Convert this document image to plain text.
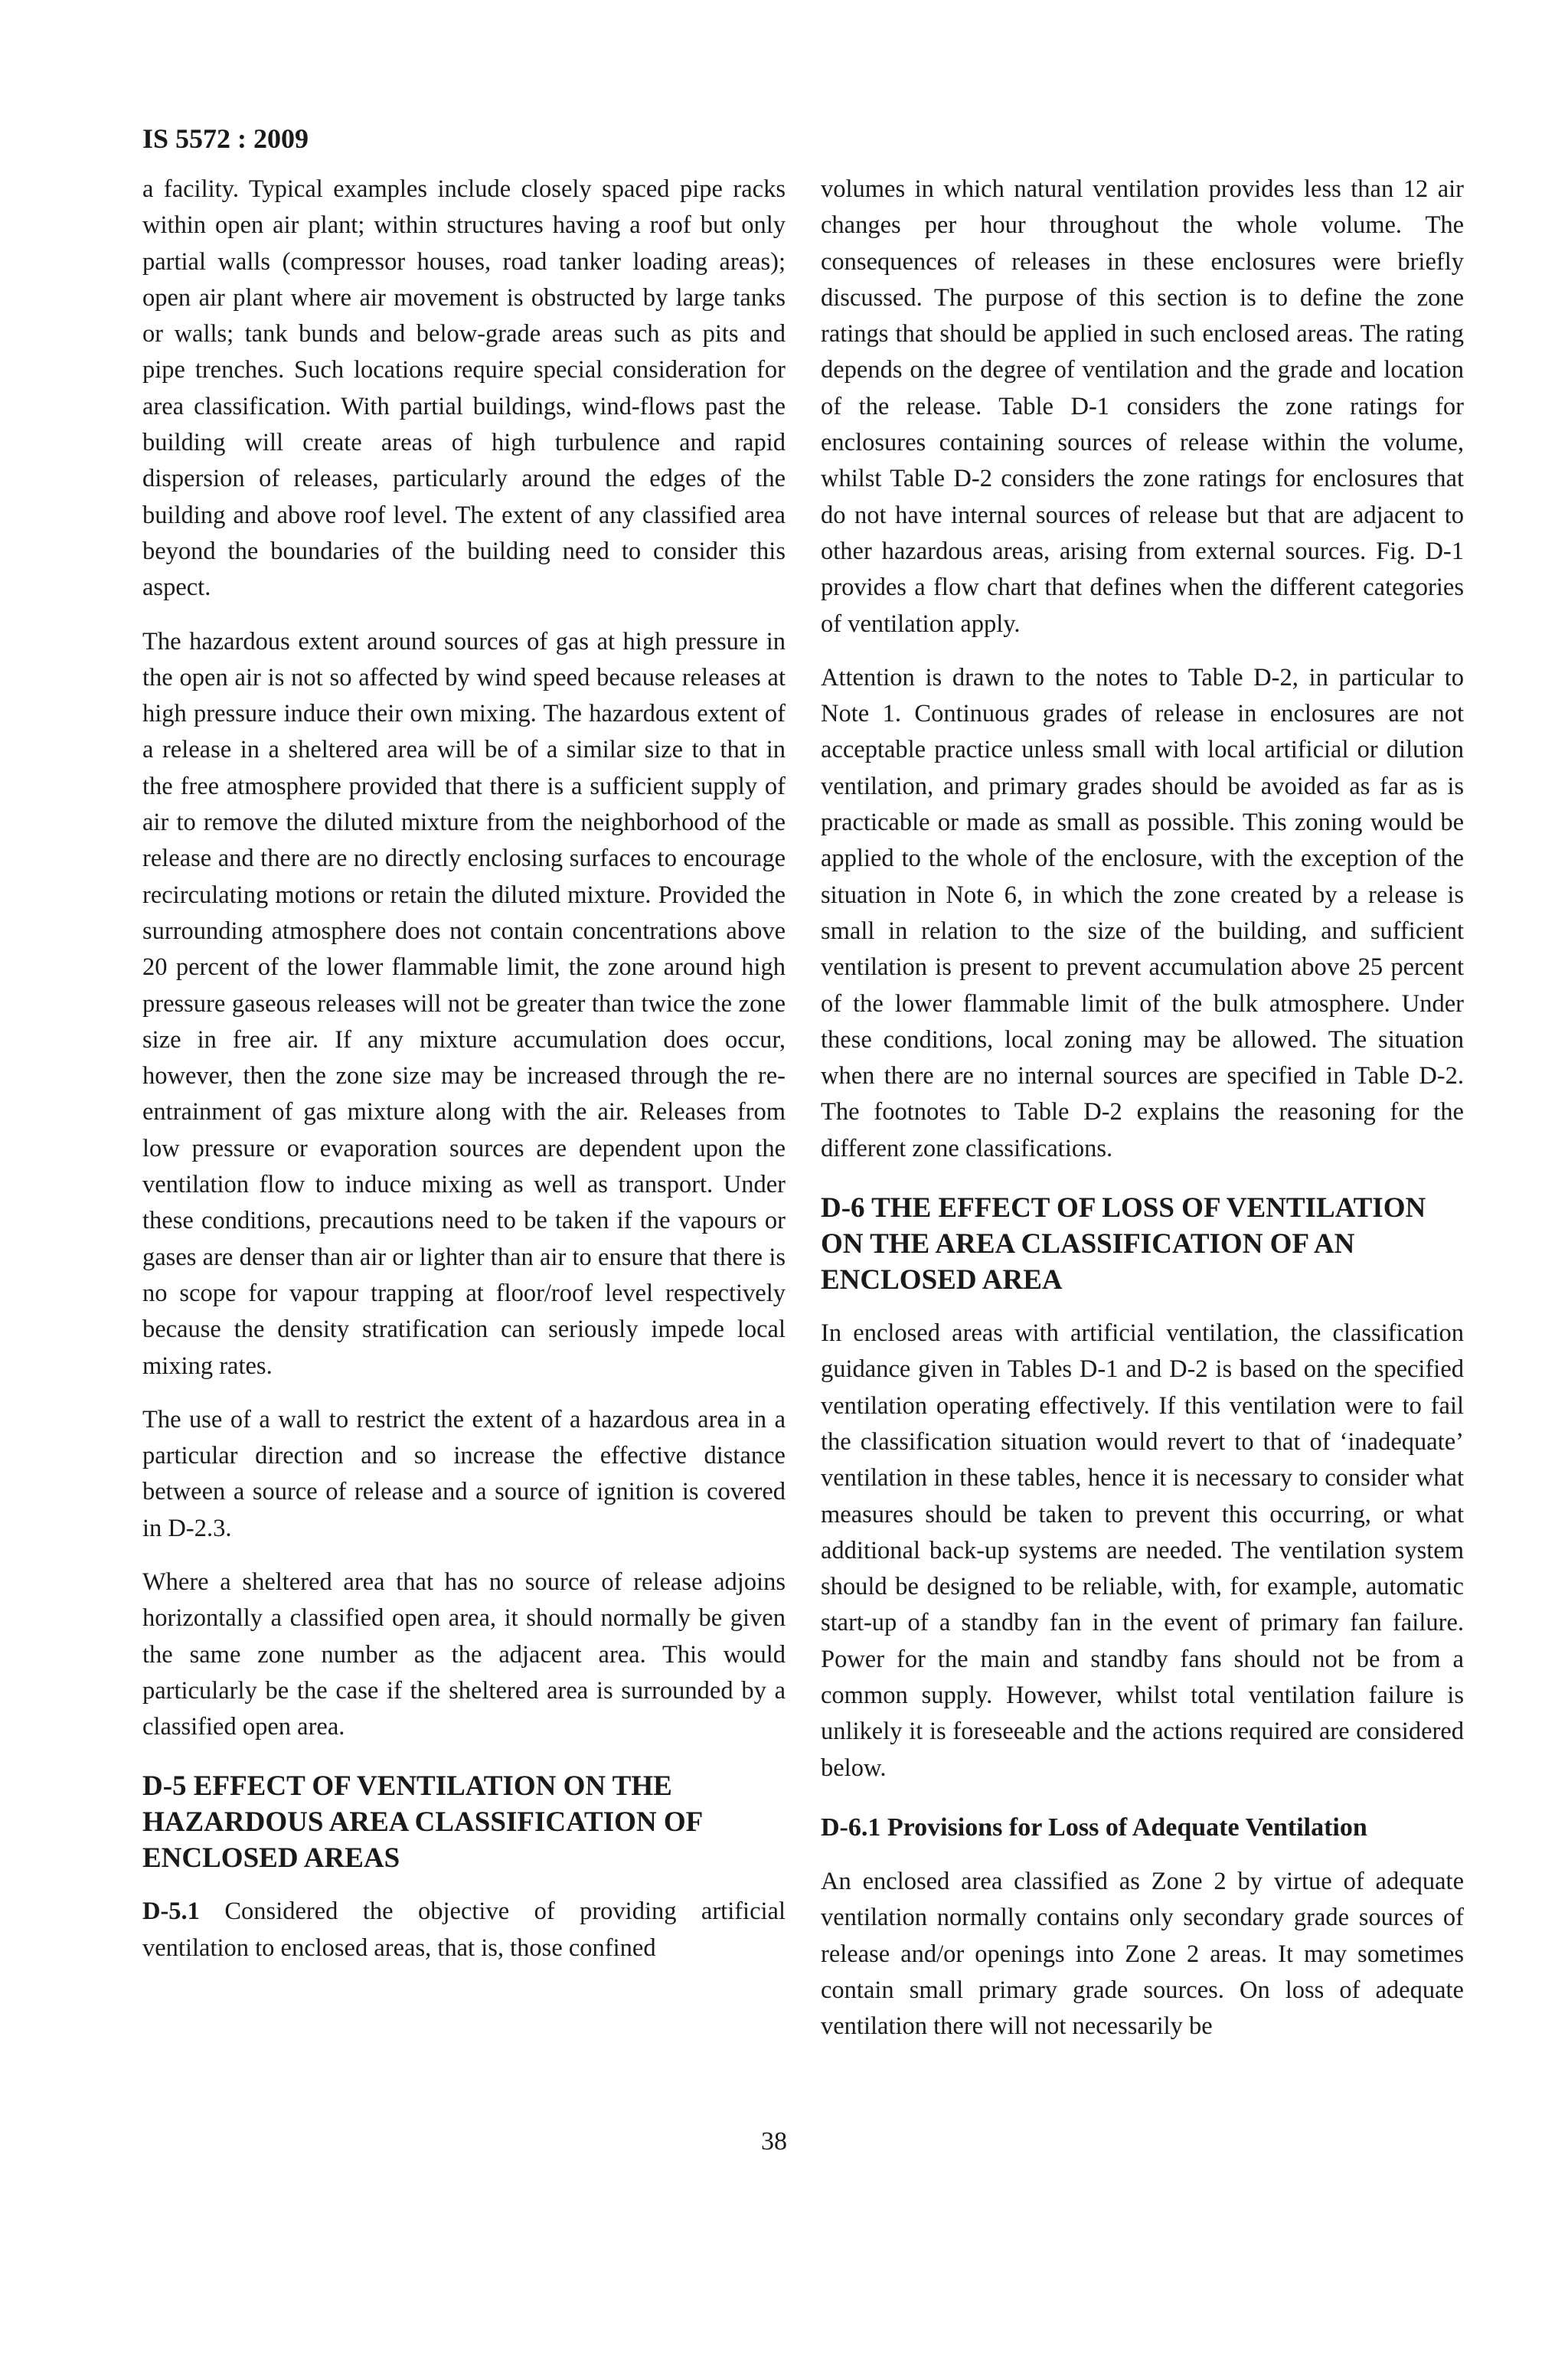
IS 5572 : 2009

a facility. Typical examples include closely spaced pipe racks within open air plant; within structures having a roof but only partial walls (compressor houses, road tanker loading areas); open air plant where air movement is obstructed by large tanks or walls; tank bunds and below-grade areas such as pits and pipe trenches. Such locations require special consideration for area classification. With partial buildings, wind-flows past the building will create areas of high turbulence and rapid dispersion of releases, particularly around the edges of the building and above roof level. The extent of any classified area beyond the boundaries of the building need to consider this aspect.

The hazardous extent around sources of gas at high pressure in the open air is not so affected by wind speed because releases at high pressure induce their own mixing. The hazardous extent of a release in a sheltered area will be of a similar size to that in the free atmosphere provided that there is a sufficient supply of air to remove the diluted mixture from the neighborhood of the release and there are no directly enclosing surfaces to encourage recirculating motions or retain the diluted mixture. Provided the surrounding atmosphere does not contain concentrations above 20 percent of the lower flammable limit, the zone around high pressure gaseous releases will not be greater than twice the zone size in free air. If any mixture accumulation does occur, however, then the zone size may be increased through the re-entrainment of gas mixture along with the air. Releases from low pressure or evaporation sources are dependent upon the ventilation flow to induce mixing as well as transport. Under these conditions, precautions need to be taken if the vapours or gases are denser than air or lighter than air to ensure that there is no scope for vapour trapping at floor/roof level respectively because the density stratification can seriously impede local mixing rates.

The use of a wall to restrict the extent of a hazardous area in a particular direction and so increase the effective distance between a source of release and a source of ignition is covered in D-2.3.

Where a sheltered area that has no source of release adjoins horizontally a classified open area, it should normally be given the same zone number as the adjacent area. This would particularly be the case if the sheltered area is surrounded by a classified open area.

D-5 EFFECT OF VENTILATION ON THE HAZARDOUS AREA CLASSIFICATION OF ENCLOSED AREAS

D-5.1 Considered the objective of providing artificial ventilation to enclosed areas, that is, those confined

volumes in which natural ventilation provides less than 12 air changes per hour throughout the whole volume. The consequences of releases in these enclosures were briefly discussed. The purpose of this section is to define the zone ratings that should be applied in such enclosed areas. The rating depends on the degree of ventilation and the grade and location of the release. Table D-1 considers the zone ratings for enclosures containing sources of release within the volume, whilst Table D-2 considers the zone ratings for enclosures that do not have internal sources of release but that are adjacent to other hazardous areas, arising from external sources. Fig. D-1 provides a flow chart that defines when the different categories of ventilation apply.

Attention is drawn to the notes to Table D-2, in particular to Note 1. Continuous grades of release in enclosures are not acceptable practice unless small with local artificial or dilution ventilation, and primary grades should be avoided as far as is practicable or made as small as possible. This zoning would be applied to the whole of the enclosure, with the exception of the situation in Note 6, in which the zone created by a release is small in relation to the size of the building, and sufficient ventilation is present to prevent accumulation above 25 percent of the lower flammable limit of the bulk atmosphere. Under these conditions, local zoning may be allowed. The situation when there are no internal sources are specified in Table D-2. The footnotes to Table D-2 explains the reasoning for the different zone classifications.

D-6 THE EFFECT OF LOSS OF VENTILATION ON THE AREA CLASSIFICATION OF AN ENCLOSED AREA

In enclosed areas with artificial ventilation, the classification guidance given in Tables D-1 and D-2 is based on the specified ventilation operating effectively. If this ventilation were to fail the classification situation would revert to that of ‘inadequate’ ventilation in these tables, hence it is necessary to consider what measures should be taken to prevent this occurring, or what additional back-up systems are needed. The ventilation system should be designed to be reliable, with, for example, automatic start-up of a standby fan in the event of primary fan failure. Power for the main and standby fans should not be from a common supply. However, whilst total ventilation failure is unlikely it is foreseeable and the actions required are considered below.

D-6.1 Provisions for Loss of Adequate Ventilation

An enclosed area classified as Zone 2 by virtue of adequate ventilation normally contains only secondary grade sources of release and/or openings into Zone 2 areas. It may sometimes contain small primary grade sources. On loss of adequate ventilation there will not necessarily be

38
